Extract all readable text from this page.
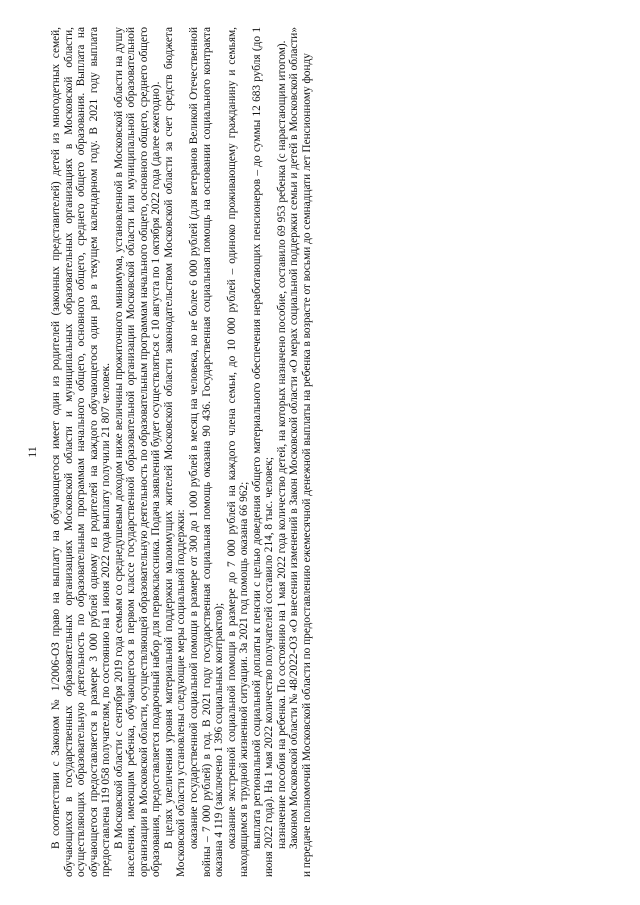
11 В соответствии с Законом № 1/2006-ОЗ право на выплату на обучающегося имеет один из родителей (законных представителей) детей из многодетных семей, обучающихся в государственных образовательных организациях Московской области и муниципальных образовательных организациях в Московской области, осуществляющих образовательную деятельность по образовательным программам начального общего, основного общего, среднего общего образования. Выплата на обучающегося предоставляется в размере 3 000 рублей одному из родителей на каждого обучающегося один раз в текущем календарном году. В 2021 году выплата предоставлена 119 058 получателям, по состоянию на 1 июня 2022 года выплату получили 21 807 человек. В Московской области с сентября 2019 года семьям со среднедушевым доходом ниже величины прожиточного минимума, установленной в Московской области на душу населения, имеющим ребенка, обучающегося в первом классе государственной образовательной организации Московской области или муниципальной образовательной организации в Московской области, осуществляющей образовательную деятельность по образовательным программам начального общего, основного общего, среднего общего образования, предоставляется подарочный набор для первоклассника. Подача заявлений будет осуществляться с 10 августа по 1 октября 2022 года (далее ежегодно). В целях увеличения уровня материальной поддержки малоимущих жителей Московской области законодательством Московской области за счет средств бюджета Московской области установлены следующие меры социальной поддержки: оказание государственной социальной помощи в размере от 300 до 1 000 рублей в месяц на человека, но не более 6 000 рублей (для ветеранов Великой Отечественной войны – 7 000 рублей) в год. В 2021 году государственная социальная помощь оказана 90 436. Государственная социальная помощь на основании социального контракта оказана 4 119 (заключено 1 396 социальных контрактов); оказание экстренной социальной помощи в размере до 7 000 рублей на каждого члена семьи, до 10 000 рублей – одиноко проживающему гражданину и семьям, находящимся в трудной жизненной ситуации. За 2021 год помощь оказана 66 962; выплата региональной социальной доплаты к пенсии с целью доведения общего материального обеспечения неработающих пенсионеров – до суммы 12 683 рубля (до 1 июня 2022 года). На 1 мая 2022 количество получателей составило 214, 8 тыс. человек; назначение пособия на ребенка. По состоянию на 1 мая 2022 года количество детей, на которых назначено пособие, составило 69 953 ребенка (с нарастающим итогом). Законом Московской области № 48/2022-ОЗ «О внесении изменений в Закон Московской области «О мерах социальной поддержки семьи и детей в Московской области» и передаче полномочий Московской области по предоставлению ежемесячной денежной выплаты на ребенка в возрасте от восьми до семнадцати лет Пенсионному фонду
